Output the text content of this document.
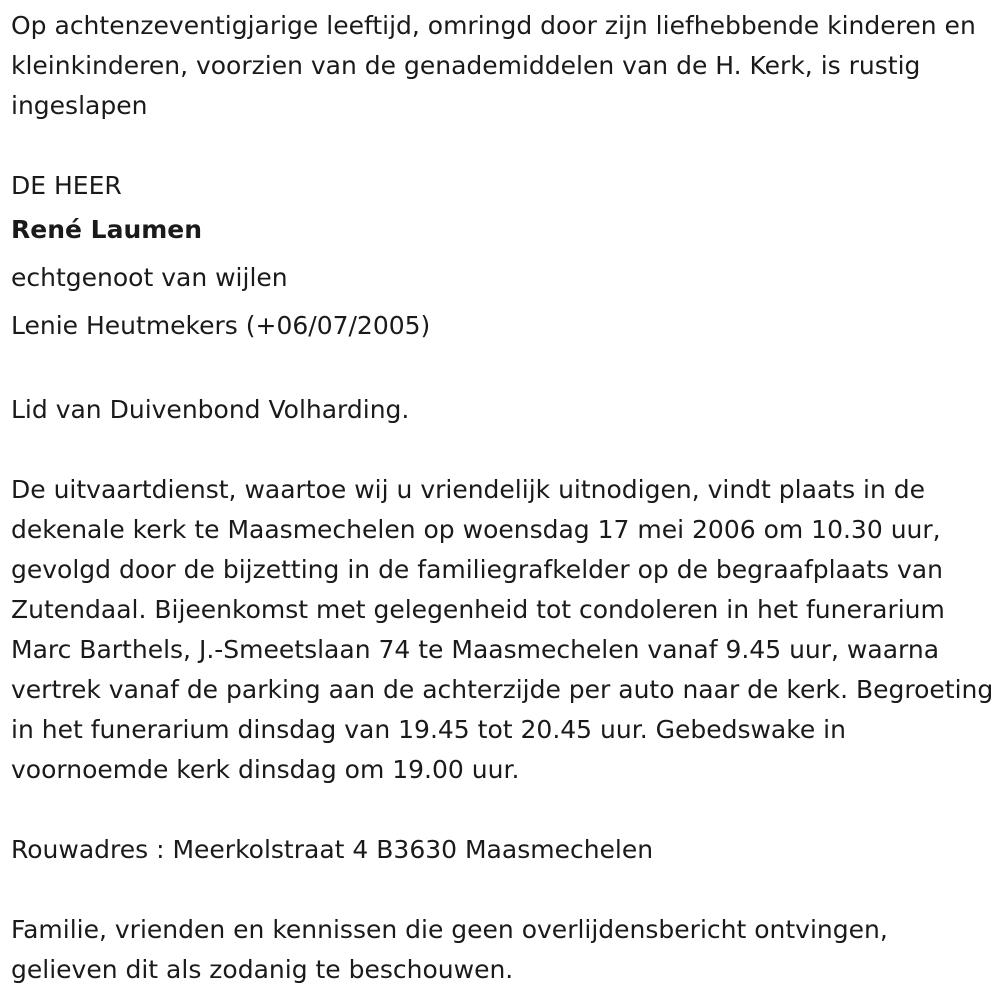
Op achtenzeventigjarige leeftijd, omringd door zijn liefhebbende kinderen en kleinkinderen, voorzien van de genademiddelen van de H. Kerk, is rustig ingeslapen

DE HEER

René Laumen

echtgenoot van wijlen

Lenie Heutmekers (+06/07/2005)

Lid van Duivenbond Volharding.

De uitvaartdienst, waartoe wij u vriendelijk uitnodigen, vindt plaats in de dekenale kerk te Maasmechelen op woensdag 17 mei 2006 om 10.30 uur, gevolgd door de bijzetting in de familiegrafkelder op de begraafplaats van Zutendaal. Bijeenkomst met gelegenheid tot condoleren in het funerarium Marc Barthels, J.-Smeetslaan 74 te Maasmechelen vanaf 9.45 uur, waarna vertrek vanaf de parking aan de achterzijde per auto naar de kerk. Begroeting in het funerarium dinsdag van 19.45 tot 20.45 uur. Gebedswake in voornoemde kerk dinsdag om 19.00 uur.

Rouwadres : Meerkolstraat 4 B3630 Maasmechelen

Familie, vrienden en kennissen die geen overlijdensbericht ontvingen, gelieven dit als zodanig te beschouwen.
